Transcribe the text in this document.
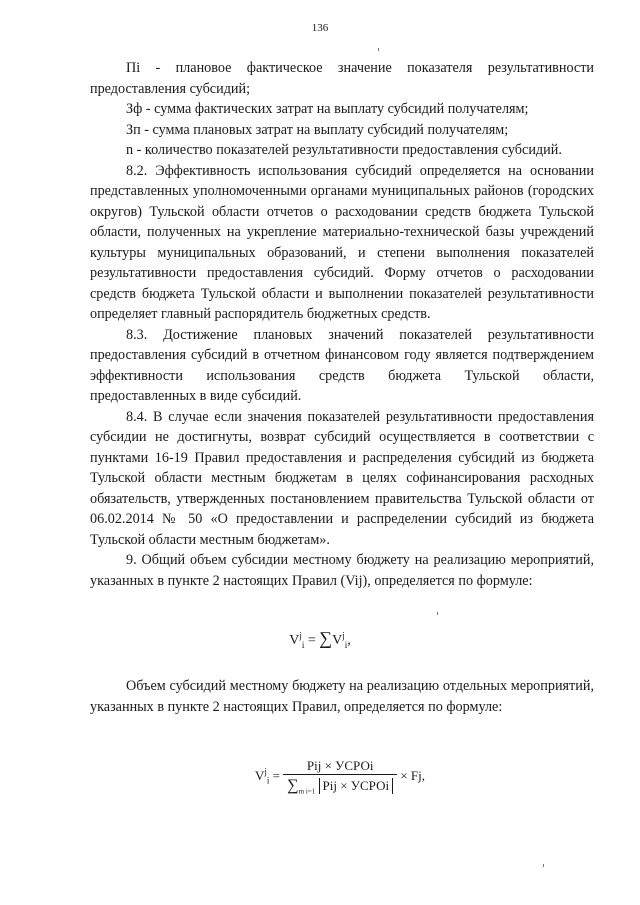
136

Пi - плановое фактическое значение показателя результативности предоставления субсидий;

Зф - сумма фактических затрат на выплату субсидий получателям;

Зп - сумма плановых затрат на выплату субсидий получателям;

n - количество показателей результативности предоставления субсидий.

8.2. Эффективность использования субсидий определяется на основании представленных уполномоченными органами муниципальных районов (городских округов) Тульской области отчетов о расходовании средств бюджета Тульской области, полученных на укрепление материально-технической базы учреждений культуры муниципальных образований, и степени выполнения показателей результативности предоставления субсидий. Форму отчетов о расходовании средств бюджета Тульской области и выполнении показателей результативности определяет главный распорядитель бюджетных средств.

8.3. Достижение плановых значений показателей результативности предоставления субсидий в отчетном финансовом году является подтверждением эффективности использования средств бюджета Тульской области, предоставленных в виде субсидий.

8.4. В случае если значения показателей результативности предоставления субсидии не достигнуты, возврат субсидий осуществляется в соответствии с пунктами 16-19 Правил предоставления и распределения субсидий из бюджета Тульской области местным бюджетам в целях софинансирования расходных обязательств, утвержденных постановлением правительства Тульской области от 06.02.2014 № 50 «О предоставлении и распределении субсидий из бюджета Тульской области местным бюджетам».

9. Общий объем субсидии местному бюджету на реализацию мероприятий, указанных в пункте 2 настоящих Правил (Vij), определяется по формуле:

$V^j_i = \sum V^j_i$,

Объем субсидий местному бюджету на реализацию отдельных мероприятий, указанных в пункте 2 настоящих Правил, определяется по формуле:

$V^j_i = \frac{\text{Pij × УСРОi}}{\sum_{m i=1} Pij \times УСРОi} \times Fj$,
